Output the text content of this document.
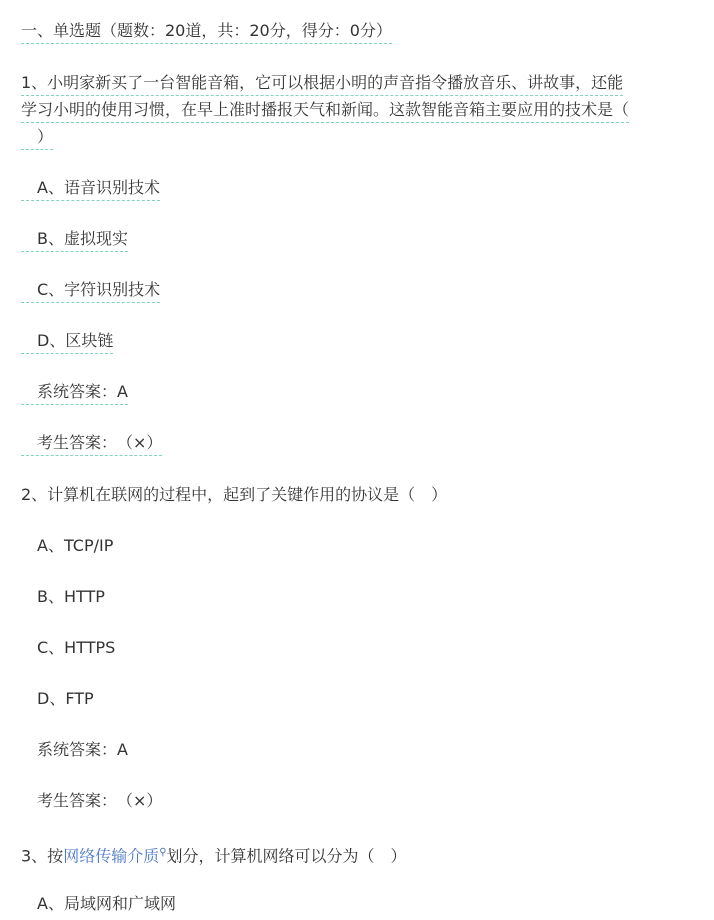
一、单选题（题数：20道，共：20分，得分：0分）
1、小明家新买了一台智能音箱，它可以根据小明的声音指令播放音乐、讲故事，还能
学习小明的使用习惯，在早上准时播报天气和新闻。这款智能音箱主要应用的技术是（
）
A、语音识别技术
B、虚拟现实
C、字符识别技术
D、区块链
系统答案：A
考生答案：　（×）
2、计算机在联网的过程中，起到了关键作用的协议是（　）
A、TCP/IP
B、HTTP
C、HTTPS
D、FTP
系统答案：A
考生答案：　（×）
3、按网络传输介质⚲划分，计算机网络可以分为（　）
A、局域网和广域网
